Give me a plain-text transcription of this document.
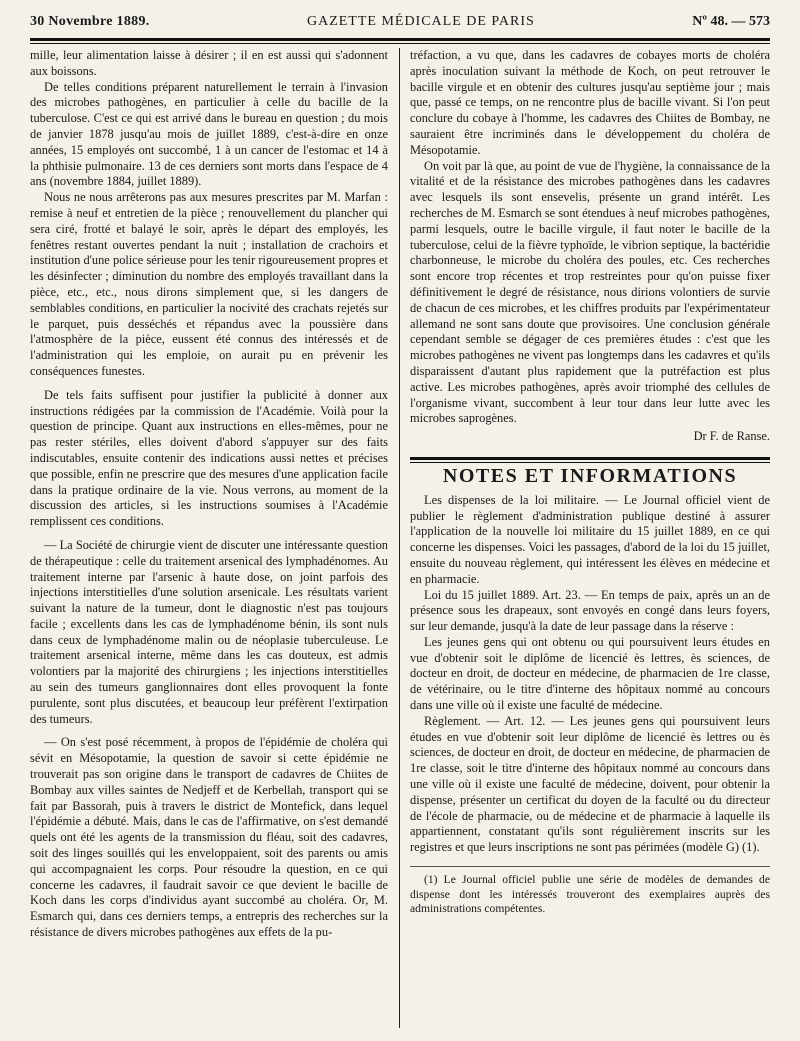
30 Novembre 1889.	GAZETTE MÉDICALE DE PARIS	Nº 48. — 573

mille, leur alimentation laisse à désirer ; il en est aussi qui s'adonnent aux boissons.

De telles conditions préparent naturellement le terrain à l'invasion des microbes pathogènes, en particulier à celle du bacille de la tuberculose. C'est ce qui est arrivé dans le bureau en question ; du mois de janvier 1878 jusqu'au mois de juillet 1889, c'est-à-dire en onze années, 15 employés ont succombé, 1 à un cancer de l'estomac et 14 à la phthisie pulmonaire. 13 de ces derniers sont morts dans l'espace de 4 ans (novembre 1884, juillet 1889).

Nous ne nous arrêterons pas aux mesures prescrites par M. Marfan : remise à neuf et entretien de la pièce ; renouvellement du plancher qui sera ciré, frotté et balayé le soir, après le départ des employés, les fenêtres restant ouvertes pendant la nuit ; installation de crachoirs et institution d'une police sérieuse pour les tenir rigoureusement propres et les désinfecter ; diminution du nombre des employés travaillant dans la pièce, etc., etc., nous dirons simplement que, si les dangers de semblables conditions, en particulier la nocivité des crachats rejetés sur le parquet, puis desséchés et répandus avec la poussière dans l'atmosphère de la pièce, eussent été connus des intéressés et de l'administration qui les emploie, on aurait pu en prévenir les conséquences funestes.

De tels faits suffisent pour justifier la publicité à donner aux instructions rédigées par la commission de l'Académie. Voilà pour la question de principe. Quant aux instructions en elles-mêmes, pour ne pas rester stériles, elles doivent d'abord s'appuyer sur des faits indiscutables, ensuite contenir des indications aussi nettes et précises que possible, enfin ne prescrire que des mesures d'une application facile dans la pratique ordinaire de la vie. Nous verrons, au moment de la discussion des articles, si les instructions soumises à l'Académie remplissent ces conditions.

— La Société de chirurgie vient de discuter une intéressante question de thérapeutique : celle du traitement arsenical des lymphadénomes. Au traitement interne par l'arsenic à haute dose, on joint parfois des injections interstitielles d'une solution arsenicale. Les résultats varient suivant la nature de la tumeur, dont le diagnostic n'est pas toujours facile ; excellents dans les cas de lymphadénome bénin, ils sont nuls dans ceux de lymphadénome malin ou de néoplasie tuberculeuse. Le traitement arsenical interne, même dans les cas douteux, est admis volontiers par la majorité des chirurgiens ; les injections interstitielles au sein des tumeurs ganglionnaires dont elles provoquent la fonte purulente, sont plus discutées, et beaucoup leur préfèrent l'extirpation des tumeurs.

— On s'est posé récemment, à propos de l'épidémie de choléra qui sévit en Mésopotamie, la question de savoir si cette épidémie ne trouverait pas son origine dans le transport de cadavres de Chiites de Bombay aux villes saintes de Nedjeff et de Kerbellah, transport qui se fait par Bassorah, puis à travers le district de Montefick, dans lequel l'épidémie a débuté. Mais, dans le cas de l'affirmative, on s'est demandé quels ont été les agents de la transmission du fléau, soit des cadavres, soit des linges souillés qui les enveloppaient, soit des parents ou amis qui accompagnaient les corps. Pour résoudre la question, en ce qui concerne les cadavres, il faudrait savoir ce que devient le bacille de Koch dans les corps d'individus ayant succombé au choléra. Or, M. Esmarch qui, dans ces derniers temps, a entrepris des recherches sur la résistance de divers microbes pathogènes aux effets de la pu-

tréfaction, a vu que, dans les cadavres de cobayes morts de choléra après inoculation suivant la méthode de Koch, on peut retrouver le bacille virgule et en obtenir des cultures jusqu'au septième jour ; mais que, passé ce temps, on ne rencontre plus de bacille vivant. Si l'on peut conclure du cobaye à l'homme, les cadavres des Chiites de Bombay, ne sauraient être incriminés dans le développement du choléra de Mésopotamie.

On voit par là que, au point de vue de l'hygiène, la connaissance de la vitalité et de la résistance des microbes pathogènes dans les cadavres avec lesquels ils sont ensevelis, présente un grand intérêt. Les recherches de M. Esmarch se sont étendues à neuf microbes pathogènes, parmi lesquels, outre le bacille virgule, il faut noter le bacille de la tuberculose, celui de la fièvre typhoïde, le vibrion septique, la bactéridie charbonneuse, le microbe du choléra des poules, etc. Ces recherches sont encore trop récentes et trop restreintes pour qu'on puisse fixer définitivement le degré de résistance, nous dirions volontiers de survie de chacun de ces microbes, et les chiffres produits par l'expérimentateur allemand ne sont sans doute que provisoires. Une conclusion générale cependant semble se dégager de ces premières études : c'est que les microbes pathogènes ne vivent pas longtemps dans les cadavres et qu'ils disparaissent d'autant plus rapidement que la putréfaction est plus active. Les microbes pathogènes, après avoir triomphé des cellules de l'organisme vivant, succombent à leur tour dans leur lutte avec les microbes saprogènes.

Dr F. de Ranse.

NOTES ET INFORMATIONS

Les dispenses de la loi militaire. — Le Journal officiel vient de publier le règlement d'administration publique destiné à assurer l'application de la nouvelle loi militaire du 15 juillet 1889, en ce qui concerne les dispenses. Voici les passages, d'abord de la loi du 15 juillet, ensuite du nouveau règlement, qui intéressent les élèves en médecine et en pharmacie.

Loi du 15 juillet 1889. Art. 23. — En temps de paix, après un an de présence sous les drapeaux, sont envoyés en congé dans leurs foyers, sur leur demande, jusqu'à la date de leur passage dans la réserve :

Les jeunes gens qui ont obtenu ou qui poursuivent leurs études en vue d'obtenir soit le diplôme de licencié ès lettres, ès sciences, de docteur en droit, de docteur en médecine, de pharmacien de 1re classe, de vétérinaire, ou le titre d'interne des hôpitaux nommé au concours dans une ville où il existe une faculté de médecine.

Règlement. — Art. 12. — Les jeunes gens qui poursuivent leurs études en vue d'obtenir soit leur diplôme de licencié ès lettres ou ès sciences, de docteur en droit, de docteur en médecine, de pharmacien de 1re classe, soit le titre d'interne des hôpitaux nommé au concours dans une ville où il existe une faculté de médecine, doivent, pour obtenir la dispense, présenter un certificat du doyen de la faculté ou du directeur de l'école de pharmacie, ou de médecine et de pharmacie à laquelle ils appartiennent, constatant qu'ils sont régulièrement inscrits sur les registres et que leurs inscriptions ne sont pas périmées (modèle G) (1).

(1) Le Journal officiel publie une série de modèles de demandes de dispense dont les intéressés trouveront des exemplaires auprès des administrations compétentes.
